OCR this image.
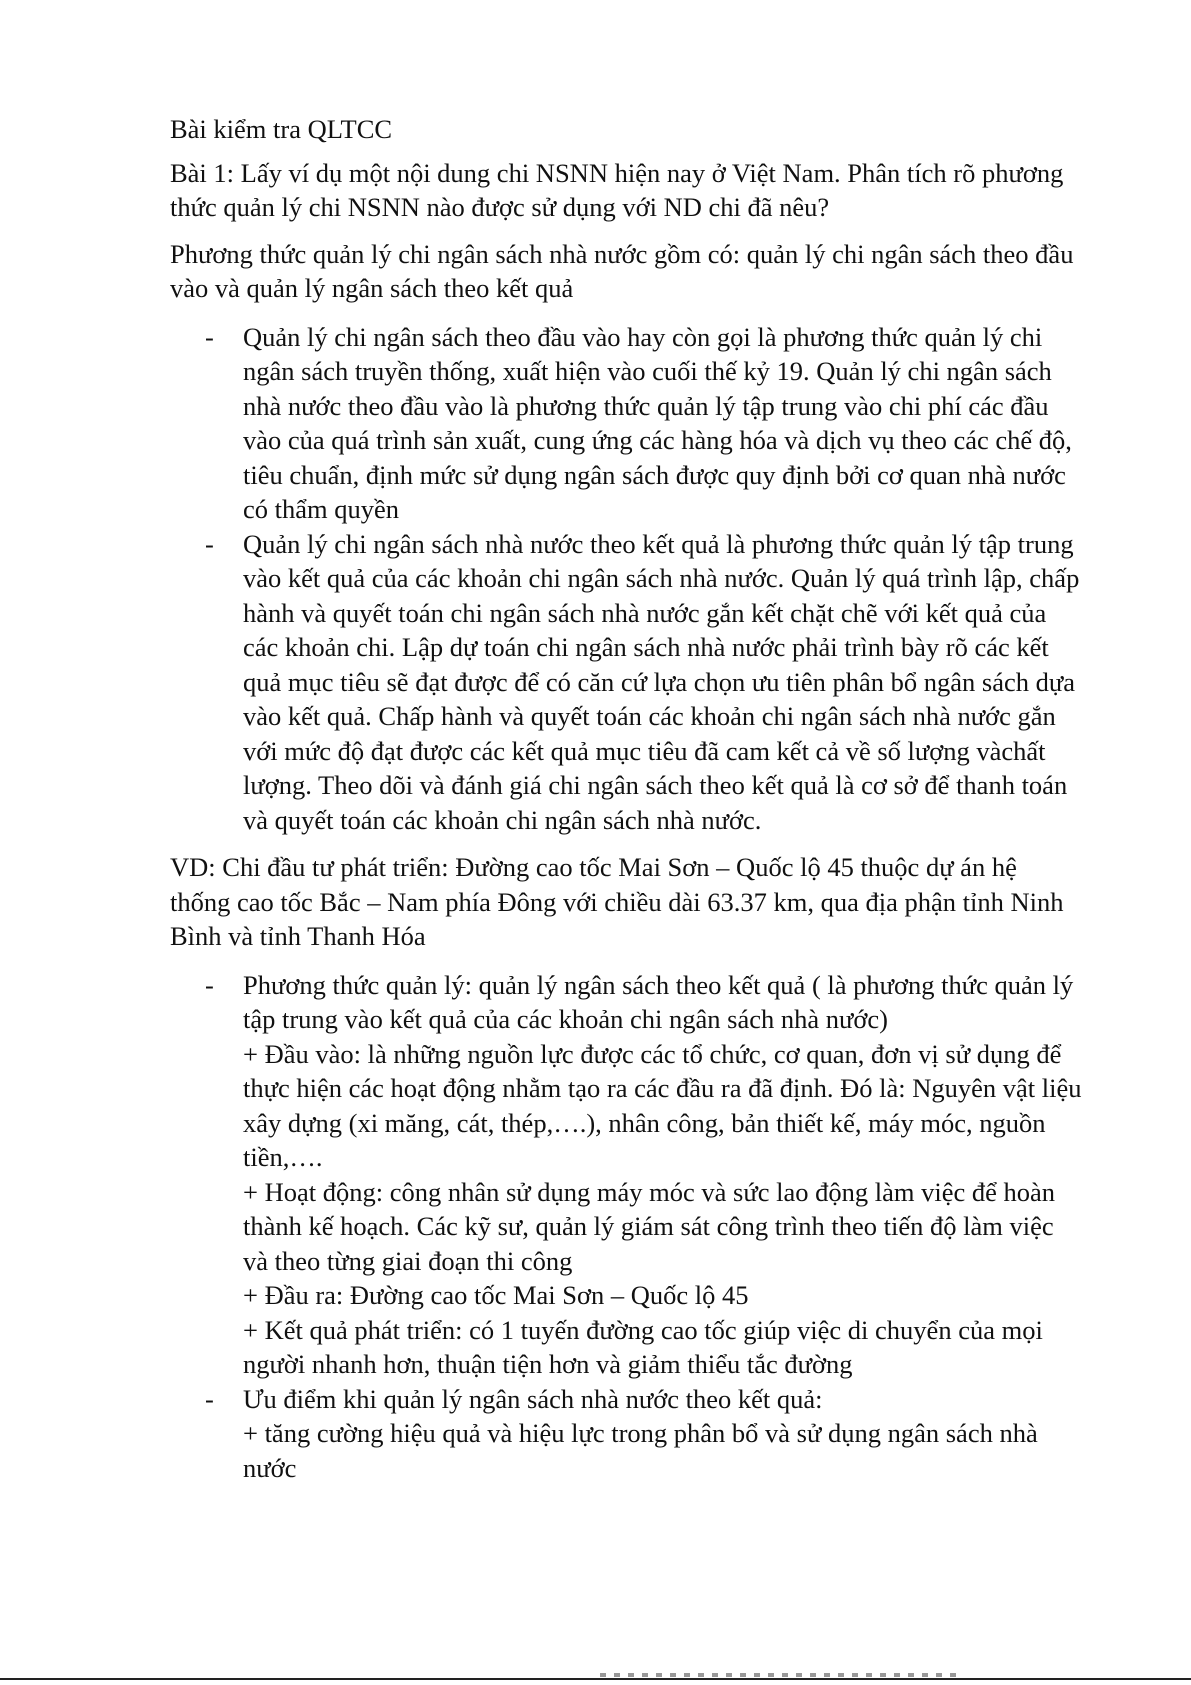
Bài kiểm tra QLTCC

Bài 1: Lấy ví dụ một nội dung chi NSNN hiện nay ở Việt Nam. Phân tích rõ phương thức quản lý chi NSNN nào được sử dụng với ND chi đã nêu?

Phương thức quản lý chi ngân sách nhà nước gồm có: quản lý chi ngân sách theo đầu vào và quản lý ngân sách theo kết quả

- Quản lý chi ngân sách theo đầu vào hay còn gọi là phương thức quản lý chi ngân sách truyền thống, xuất hiện vào cuối thế kỷ 19. Quản lý chi ngân sách nhà nước theo đầu vào là phương thức quản lý tập trung vào chi phí các đầu vào của quá trình sản xuất, cung ứng các hàng hóa và dịch vụ theo các chế độ, tiêu chuẩn, định mức sử dụng ngân sách được quy định bởi cơ quan nhà nước có thẩm quyền
- Quản lý chi ngân sách nhà nước theo kết quả là phương thức quản lý tập trung vào kết quả của các khoản chi ngân sách nhà nước. Quản lý quá trình lập, chấp hành và quyết toán chi ngân sách nhà nước gắn kết chặt chẽ với kết quả của các khoản chi. Lập dự toán chi ngân sách nhà nước phải trình bày rõ các kết quả mục tiêu sẽ đạt được để có căn cứ lựa chọn ưu tiên phân bổ ngân sách dựa vào kết quả. Chấp hành và quyết toán các khoản chi ngân sách nhà nước gắn với mức độ đạt được các kết quả mục tiêu đã cam kết cả về số lượng vàchất lượng. Theo dõi và đánh giá chi ngân sách theo kết quả là cơ sở để thanh toán và quyết toán các khoản chi ngân sách nhà nước.

VD: Chi đầu tư phát triển: Đường cao tốc Mai Sơn – Quốc lộ 45 thuộc dự án hệ thống cao tốc Bắc – Nam phía Đông với chiều dài 63.37 km, qua địa phận tỉnh Ninh Bình và tỉnh Thanh Hóa

- Phương thức quản lý: quản lý ngân sách theo kết quả ( là phương thức quản lý tập trung vào kết quả của các khoản chi ngân sách nhà nước)
+ Đầu vào: là những nguồn lực được các tổ chức, cơ quan, đơn vị sử dụng để thực hiện các hoạt động nhằm tạo ra các đầu ra đã định. Đó là: Nguyên vật liệu xây dựng (xi măng, cát, thép,….), nhân công, bản thiết kế, máy móc, nguồn tiền,….
+ Hoạt động: công nhân sử dụng máy móc và sức lao động làm việc để hoàn thành kế hoạch. Các kỹ sư, quản lý giám sát công trình theo tiến độ làm việc và theo từng giai đoạn thi công
+ Đầu ra: Đường cao tốc Mai Sơn – Quốc lộ 45
+ Kết quả phát triển: có 1 tuyến đường cao tốc giúp việc di chuyển của mọi người nhanh hơn, thuận tiện hơn và giảm thiểu tắc đường
- Ưu điểm khi quản lý ngân sách nhà nước theo kết quả:
+ tăng cường hiệu quả và hiệu lực trong phân bổ và sử dụng ngân sách nhà nước
